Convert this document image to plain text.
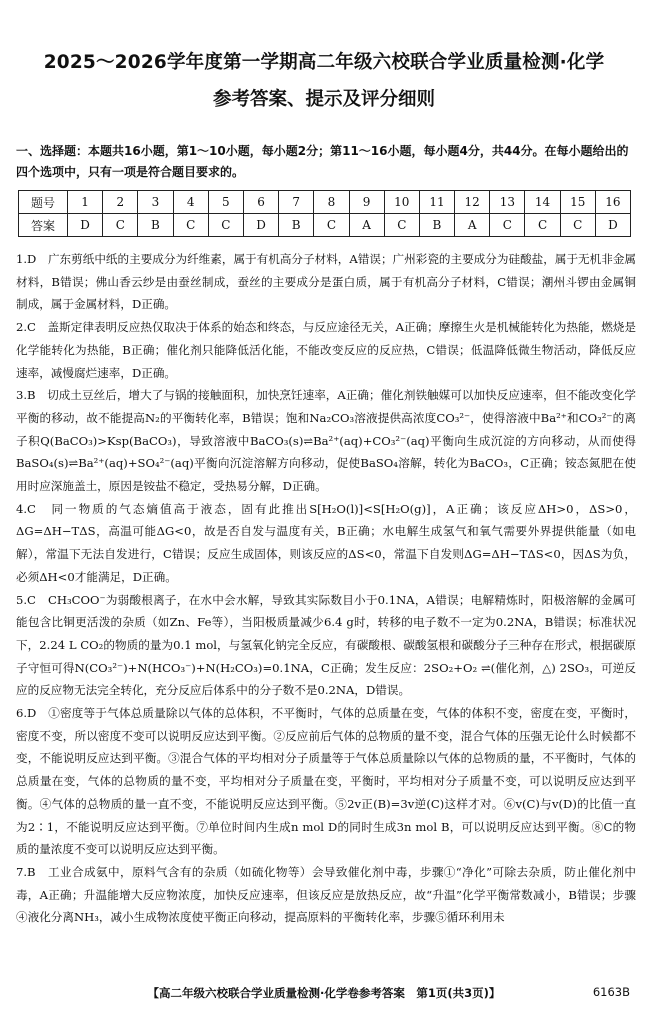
2025～2026学年度第一学期高二年级六校联合学业质量检测·化学
参考答案、提示及评分细则
一、选择题：本题共16小题，第1～10小题，每小题2分；第11～16小题，每小题4分，共44分。在每小题给出的四个选项中，只有一项是符合题目要求的。
题号	1	2	3	4	5	6	7	8	9	10	11	12	13	14	15	16
答案	D	C	B	C	C	D	B	C	A	C	B	A	C	C	C	D

1.D　广东剪纸中纸的主要成分为纤维素，属于有机高分子材料，A错误；广州彩瓷的主要成分为硅酸盐，属于无机非金属材料，B错误；佛山香云纱是由蚕丝制成，蚕丝的主要成分是蛋白质，属于有机高分子材料，C错误；潮州斗锣由金属铜制成，属于金属材料，D正确。

2.C　盖斯定律表明反应热仅取决于体系的始态和终态，与反应途径无关，A正确；摩擦生火是机械能转化为热能，燃烧是化学能转化为热能，B正确；催化剂只能降低活化能，不能改变反应的反应热，C错误；低温降低微生物活动，降低反应速率，减慢腐烂速率，D正确。

3.B　切成土豆丝后，增大了与锅的接触面积，加快烹饪速率，A正确；催化剂铁触媒可以加快反应速率，但不能改变化学平衡的移动，故不能提高N₂的平衡转化率，B错误；饱和Na₂CO₃溶液提供高浓度CO₃²⁻，使得溶液中Ba²⁺和CO₃²⁻的离子积Q(BaCO₃)>Ksp(BaCO₃)，导致溶液中BaCO₃(s)⇌Ba²⁺(aq)+CO₃²⁻(aq)平衡向生成沉淀的方向移动，从而使得BaSO₄(s)⇌Ba²⁺(aq)+SO₄²⁻(aq)平衡向沉淀溶解方向移动，促使BaSO₄溶解，转化为BaCO₃，C正确；铵态氮肥在使用时应深施盖土，原因是铵盐不稳定，受热易分解，D正确。

4.C　同一物质的气态熵值高于液态，固有此推出S[H₂O(l)]<S[H₂O(g)]，A正确；该反应ΔH>0，ΔS>0，ΔG=ΔH−TΔS，高温可能ΔG<0，故是否自发与温度有关，B正确；水电解生成氢气和氧气需要外界提供能量（如电解），常温下无法自发进行，C错误；反应生成固体，则该反应的ΔS<0，常温下自发则ΔG=ΔH−TΔS<0，因ΔS为负，必须ΔH<0才能满足，D正确。

5.C　CH₃COO⁻为弱酸根离子，在水中会水解，导致其实际数目小于0.1NA，A错误；电解精炼时，阳极溶解的金属可能包含比铜更活泼的杂质（如Zn、Fe等），当阳极质量减少6.4 g时，转移的电子数不一定为0.2NA，B错误；标准状况下，2.24 L CO₂的物质的量为0.1 mol，与氢氧化钠完全反应，有碳酸根、碳酸氢根和碳酸分子三种存在形式，根据碳原子守恒可得N(CO₃²⁻)+N(HCO₃⁻)+N(H₂CO₃)=0.1NA，C正确；发生反应：2SO₂+O₂ ⇌(催化剂，△) 2SO₃，可逆反应的反应物无法完全转化，充分反应后体系中的分子数不是0.2NA，D错误。

6.D　①密度等于气体总质量除以气体的总体积，不平衡时，气体的总质量在变，气体的体积不变，密度在变，平衡时，密度不变，所以密度不变可以说明反应达到平衡。②反应前后气体的总物质的量不变，混合气体的压强无论什么时候都不变，不能说明反应达到平衡。③混合气体的平均相对分子质量等于气体总质量除以气体的总物质的量，不平衡时，气体的总质量在变，气体的总物质的量不变，平均相对分子质量在变，平衡时，平均相对分子质量不变，可以说明反应达到平衡。④气体的总物质的量一直不变，不能说明反应达到平衡。⑤2v正(B)=3v逆(C)这样才对。⑥v(C)与v(D)的比值一直为2∶1，不能说明反应达到平衡。⑦单位时间内生成n mol D的同时生成3n mol B，可以说明反应达到平衡。⑧C的物质的量浓度不变可以说明反应达到平衡。

7.B　工业合成氨中，原料气含有的杂质（如硫化物等）会导致催化剂中毒，步骤①“净化”可除去杂质，防止催化剂中毒，A正确；升温能增大反应物浓度，加快反应速率，但该反应是放热反应，故“升温”化学平衡常数减小，B错误；步骤④液化分离NH₃，减小生成物浓度使平衡正向移动，提高原料的平衡转化率，步骤⑤循环利用未

【高二年级六校联合学业质量检测·化学卷参考答案　第1页(共3页)】	6163B
